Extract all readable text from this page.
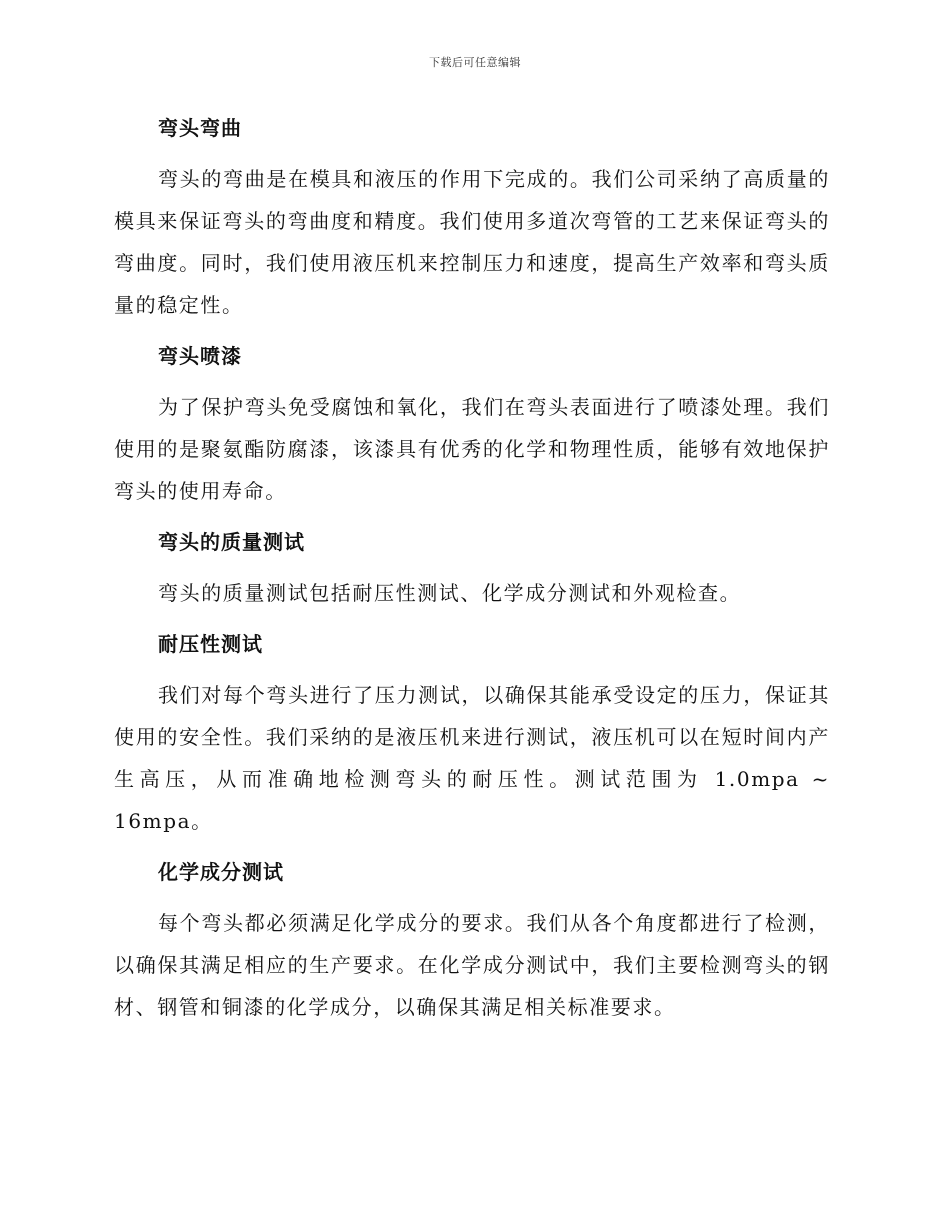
下载后可任意编辑
弯头弯曲

弯头的弯曲是在模具和液压的作用下完成的。我们公司采纳了高质量的模具来保证弯头的弯曲度和精度。我们使用多道次弯管的工艺来保证弯头的弯曲度。同时，我们使用液压机来控制压力和速度，提高生产效率和弯头质量的稳定性。

弯头喷漆

为了保护弯头免受腐蚀和氧化，我们在弯头表面进行了喷漆处理。我们使用的是聚氨酯防腐漆，该漆具有优秀的化学和物理性质，能够有效地保护弯头的使用寿命。

弯头的质量测试

弯头的质量测试包括耐压性测试、化学成分测试和外观检查。

耐压性测试

我们对每个弯头进行了压力测试，以确保其能承受设定的压力，保证其使用的安全性。我们采纳的是液压机来进行测试，液压机可以在短时间内产生高压，从而准确地检测弯头的耐压性。测试范围为 1.0mpa ~ 16mpa。

化学成分测试

每个弯头都必须满足化学成分的要求。我们从各个角度都进行了检测，以确保其满足相应的生产要求。在化学成分测试中，我们主要检测弯头的钢材、钢管和铜漆的化学成分，以确保其满足相关标准要求。
